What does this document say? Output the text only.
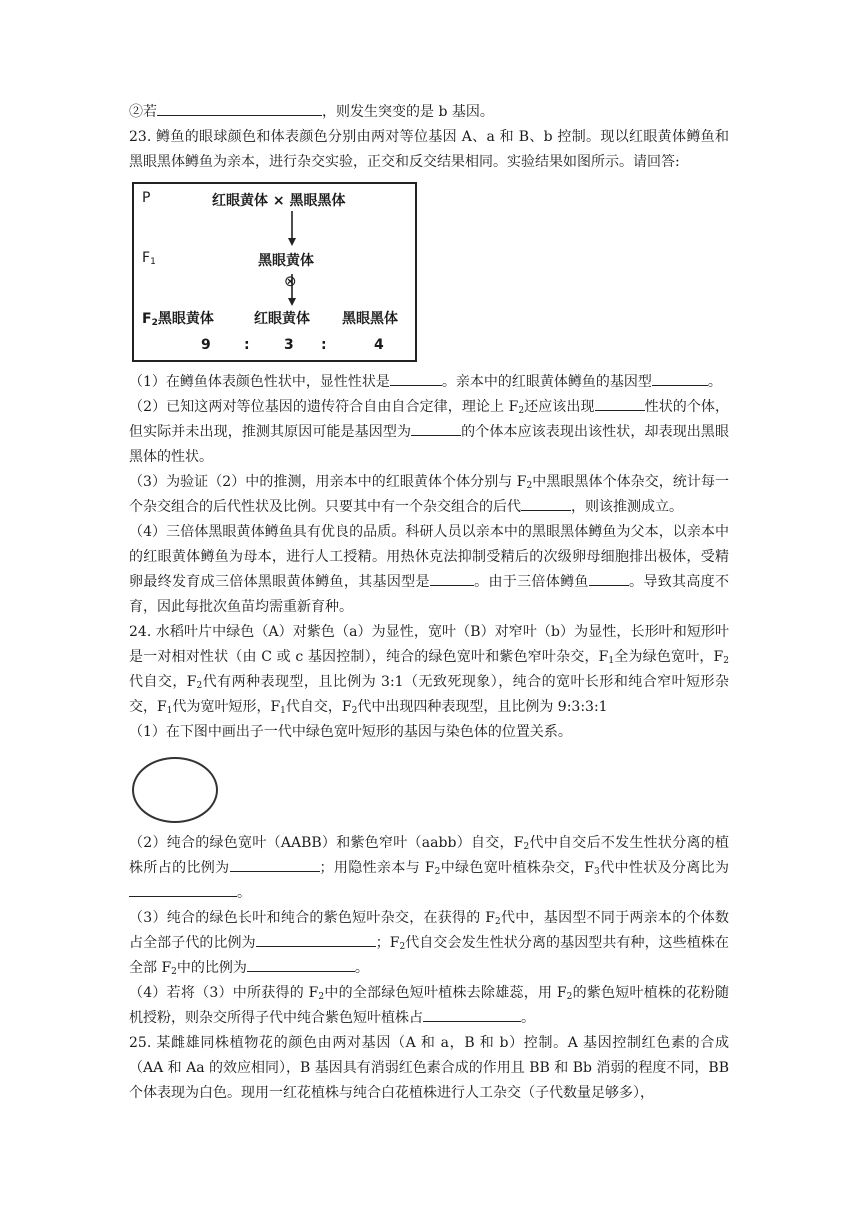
②若	，则发生突变的是 b 基因。

23. 鳟鱼的眼球颜色和体表颜色分别由两对等位基因 A、a 和 B、b 控制。现以红眼黄体鳟鱼和黑眼黑体鳟鱼为亲本，进行杂交实验，正交和反交结果相同。实验结果如图所示。请回答:

P	红眼黄体 × 黑眼黑体
$F_1$	黑眼黄体
⊗
$F_2$黑眼黄体	红眼黄体 黑眼黑体
9 : 3 :	4

（1）在鳟鱼体表颜色性状中，显性性状是	。亲本中的红眼黄体鳟鱼的基因型	。

（2）已知这两对等位基因的遗传符合自由自合定律，理论上 $F_2$还应该出现	性状的个体，但实际并未出现，推测其原因可能是基因型为	的个体本应该表现出该性状，却表现出黑眼黑体的性状。

（3）为验证（2）中的推测，用亲本中的红眼黄体个体分别与 $F_2$中黑眼黑体个体杂交，统计每一个杂交组合的后代性状及比例。只要其中有一个杂交组合的后代	，则该推测成立。

（4）三倍体黑眼黄体鳟鱼具有优良的品质。科研人员以亲本中的黑眼黑体鳟鱼为父本，以亲本中的红眼黄体鳟鱼为母本，进行人工授精。用热休克法抑制受精后的次级卵母细胞排出极体，受精卵最终发育成三倍体黑眼黄体鳟鱼，其基因型是	。由于三倍体鳟鱼	。导致其高度不育，因此每批次鱼苗均需重新育种。

24. 水稻叶片中绿色（A）对紫色（a）为显性，宽叶（B）对窄叶（b）为显性，长形叶和短形叶是一对相对性状（由 C 或 c 基因控制），纯合的绿色宽叶和紫色窄叶杂交，$F_1$全为绿色宽叶，$F_2$代自交，$F_2$代有两种表现型，且比例为 3:1（无致死现象），纯合的宽叶长形和纯合窄叶短形杂交，$F_1$代为宽叶短形，$F_1$代自交，$F_2$代中出现四种表现型，且比例为 9:3:3:1

（1）在下图中画出子一代中绿色宽叶短形的基因与染色体的位置关系。

（2）纯合的绿色宽叶（AABB）和紫色窄叶（aabb）自交，$F_2$代中自交后不发生性状分离的植株所占的比例为	；用隐性亲本与 $F_2$中绿色宽叶植株杂交，$F_3$代中性状及分离比为。

（3）纯合的绿色长叶和纯合的紫色短叶杂交，在获得的 $F_2$代中，基因型不同于两亲本的个体数占全部子代的比例为	；$F_2$代自交会发生性状分离的基因型共有种，这些植株在全部 $F_2$中的比例为	。

（4）若将（3）中所获得的 $F_2$中的全部绿色短叶植株去除雄蕊，用 $F_2$的紫色短叶植株的花粉随机授粉，则杂交所得子代中纯合紫色短叶植株占	。

25. 某雌雄同株植物花的颜色由两对基因（A 和 a，B 和 b）控制。A 基因控制红色素的合成（AA 和 Aa 的效应相同），B 基因具有消弱红色素合成的作用且 BB 和 Bb 消弱的程度不同，BB 个体表现为白色。现用一红花植株与纯合白花植株进行人工杂交（子代数量足够多），
